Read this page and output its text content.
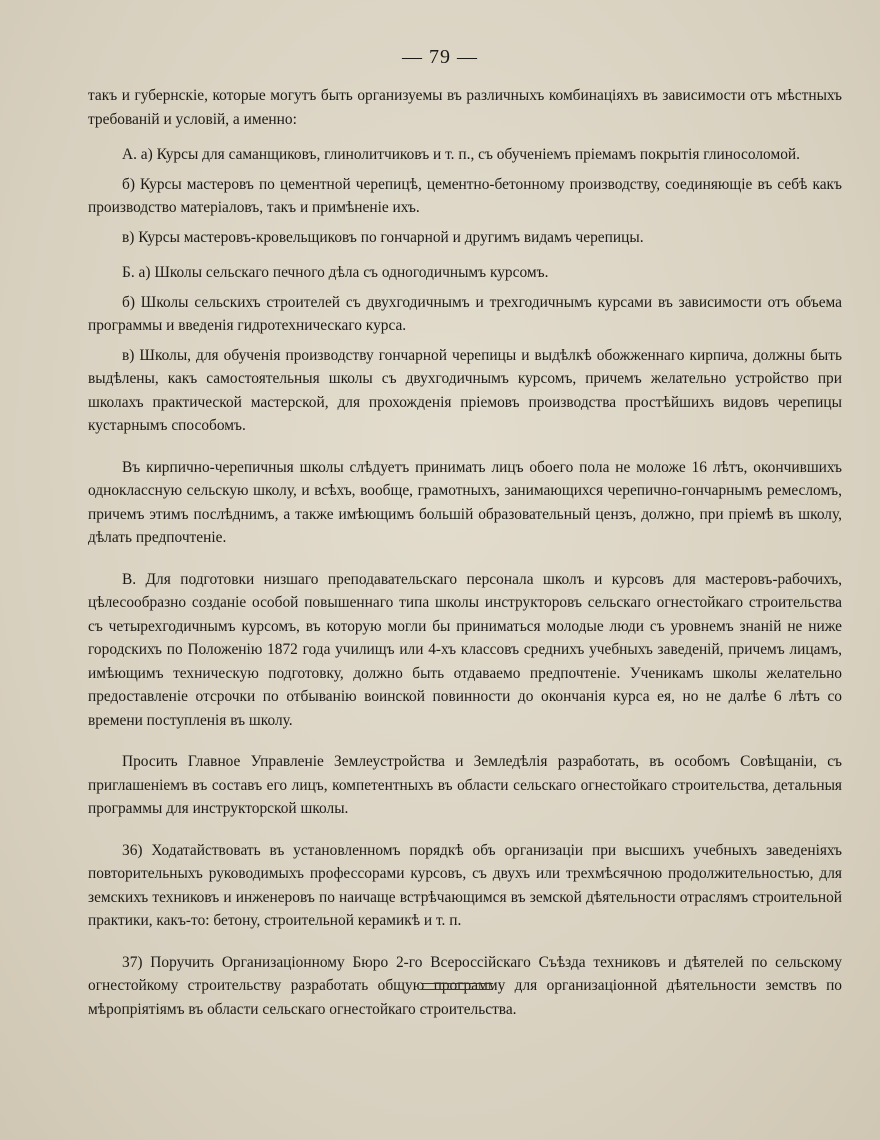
— 79 —

такъ и губернскіе, которые могутъ быть организуемы въ различныхъ комбинаціяхъ въ зависимости отъ мѣстныхъ требованій и условій, а именно:

А. а) Курсы для саманщиковъ, глинолитчиковъ и т. п., съ обученіемъ пріемамъ покрытія глиносоломой.

б) Курсы мастеровъ по цементной черепицѣ, цементно-бетонному производству, соединяющіе въ себѣ какъ производство матеріаловъ, такъ и примѣненіе ихъ.

в) Курсы мастеровъ-кровельщиковъ по гончарной и другимъ видамъ черепицы.

Б. а) Школы сельскаго печного дѣла съ одногодичнымъ курсомъ.

б) Школы сельскихъ строителей съ двухгодичнымъ и трехгодичнымъ курсами въ зависимости отъ объема программы и введенія гидротехническаго курса.

в) Школы, для обученія производству гончарной черепицы и выдѣлкѣ обожженнаго кирпича, должны быть выдѣлены, какъ самостоятельныя школы съ двухгодичнымъ курсомъ, причемъ желательно устройство при школахъ практической мастерской, для прохожденія пріемовъ производства простѣйшихъ видовъ черепицы кустарнымъ способомъ.

Въ кирпично-черепичныя школы слѣдуетъ принимать лицъ обоего пола не моложе 16 лѣтъ, окончившихъ одноклассную сельскую школу, и всѣхъ, вообще, грамотныхъ, занимающихся черепично-гончарнымъ ремесломъ, причемъ этимъ послѣднимъ, а также имѣющимъ большій образовательный цензъ, должно, при пріемѣ въ школу, дѣлать предпочтеніе.

В. Для подготовки низшаго преподавательскаго персонала школъ и курсовъ для мастеровъ-рабочихъ, цѣлесообразно созданіе особой повышеннаго типа школы инструкторовъ сельскаго огнестойкаго строительства съ четырехгодичнымъ курсомъ, въ которую могли бы приниматься молодые люди съ уровнемъ знаній не ниже городскихъ по Положенію 1872 года училищъ или 4-хъ классовъ среднихъ учебныхъ заведеній, причемъ лицамъ, имѣющимъ техническую подготовку, должно быть отдаваемо предпочтеніе. Ученикамъ школы желательно предоставленіе отсрочки по отбыванію воинской повинности до окончанія курса ея, но не далѣе 6 лѣтъ со времени поступленія въ школу.

Просить Главное Управленіе Землеустройства и Земледѣлія разработать, въ особомъ Совѣщаніи, съ приглашеніемъ въ составъ его лицъ, компетентныхъ въ области сельскаго огнестойкаго строительства, детальныя программы для инструкторской школы.

36) Ходатайствовать въ установленномъ порядкѣ объ организаціи при высшихъ учебныхъ заведеніяхъ повторительныхъ руководимыхъ профессорами курсовъ, съ двухъ или трехмѣсячною продолжительностью, для земскихъ техниковъ и инженеровъ по наичаще встрѣчающимся въ земской дѣятельности отраслямъ строительной практики, какъ-то: бетону, строительной керамикѣ и т. п.

37) Поручить Организаціонному Бюро 2-го Всероссійскаго Съѣзда техниковъ и дѣятелей по сельскому огнестойкому строительству разработать общую программу для организаціонной дѣятельности земствъ по мѣропріятіямъ въ области сельскаго огнестойкаго строительства.
